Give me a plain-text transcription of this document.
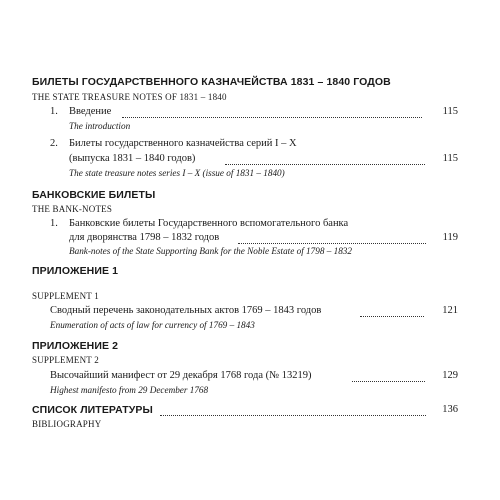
БИЛЕТЫ ГОСУДАРСТВЕННОГО КАЗНАЧЕЙСТВА 1831 – 1840 ГОДОВ
THE STATE TREASURE NOTES OF 1831 – 1840
1. Введение	115
The introduction
2. Билеты государственного казначейства серий I – X
(выпуска 1831 – 1840 годов)	115
The state treasure notes series I – X (issue of 1831 – 1840)
БАНКОВСКИЕ БИЛЕТЫ
THE BANK-NOTES
1. Банковские билеты Государственного вспомогательного банка
для дворянства 1798 – 1832 годов	119
Bank-notes of the State Supporting Bank for the Noble Estate of 1798 – 1832
ПРИЛОЖЕНИЕ 1
SUPPLEMENT 1
Сводный перечень законодательных актов 1769 – 1843 годов	121
Enumeration of acts of law for currency of 1769 – 1843
ПРИЛОЖЕНИЕ 2
SUPPLEMENT 2
Высочайший манифест от 29 декабря 1768 года (№ 13219)	129
Highest manifesto from 29 December 1768
СПИСОК ЛИТЕРАТУРЫ	136
BIBLIOGRAPHY
